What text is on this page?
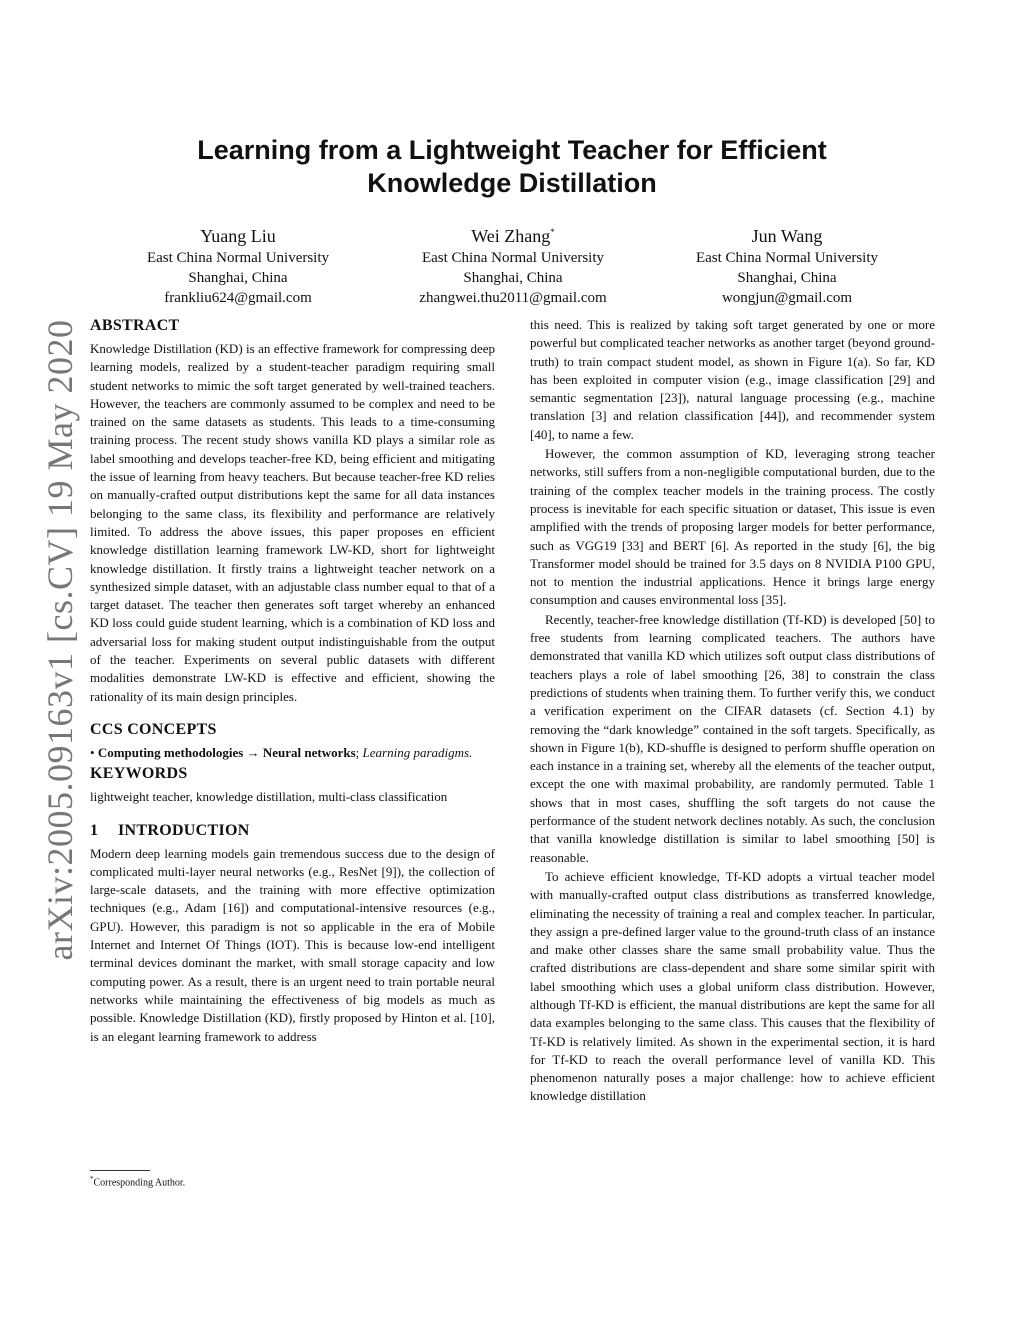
arXiv:2005.09163v1 [cs.CV] 19 May 2020
Learning from a Lightweight Teacher for Efficient
Knowledge Distillation
Yuang Liu
East China Normal University
Shanghai, China
frankliu624@gmail.com
Wei Zhang*
East China Normal University
Shanghai, China
zhangwei.thu2011@gmail.com
Jun Wang
East China Normal University
Shanghai, China
wongjun@gmail.com
ABSTRACT

Knowledge Distillation (KD) is an effective framework for compressing deep learning models, realized by a student-teacher paradigm requiring small student networks to mimic the soft target generated by well-trained teachers. However, the teachers are commonly assumed to be complex and need to be trained on the same datasets as students. This leads to a time-consuming training process. The recent study shows vanilla KD plays a similar role as label smoothing and develops teacher-free KD, being efficient and mitigating the issue of learning from heavy teachers. But because teacher-free KD relies on manually-crafted output distributions kept the same for all data instances belonging to the same class, its flexibility and performance are relatively limited. To address the above issues, this paper proposes en efficient knowledge distillation learning framework LW-KD, short for lightweight knowledge distillation. It firstly trains a lightweight teacher network on a synthesized simple dataset, with an adjustable class number equal to that of a target dataset. The teacher then generates soft target whereby an enhanced KD loss could guide student learning, which is a combination of KD loss and adversarial loss for making student output indistinguishable from the output of the teacher. Experiments on several public datasets with different modalities demonstrate LW-KD is effective and efficient, showing the rationality of its main design principles.

CCS CONCEPTS

• Computing methodologies → Neural networks; Learning paradigms.

KEYWORDS

lightweight teacher, knowledge distillation, multi-class classification

1 INTRODUCTION

Modern deep learning models gain tremendous success due to the design of complicated multi-layer neural networks (e.g., ResNet [9]), the collection of large-scale datasets, and the training with more effective optimization techniques (e.g., Adam [16]) and computational-intensive resources (e.g., GPU). However, this paradigm is not so applicable in the era of Mobile Internet and Internet Of Things (IOT). This is because low-end intelligent terminal devices dominant the market, with small storage capacity and low computing power. As a result, there is an urgent need to train portable neural networks while maintaining the effectiveness of big models as much as possible. Knowledge Distillation (KD), firstly proposed by Hinton et al. [10], is an elegant learning framework to address

this need. This is realized by taking soft target generated by one or more powerful but complicated teacher networks as another target (beyond ground-truth) to train compact student model, as shown in Figure 1(a). So far, KD has been exploited in computer vision (e.g., image classification [29] and semantic segmentation [23]), natural language processing (e.g., machine translation [3] and relation classification [44]), and recommender system [40], to name a few.

However, the common assumption of KD, leveraging strong teacher networks, still suffers from a non-negligible computational burden, due to the training of the complex teacher models in the training process. The costly process is inevitable for each specific situation or dataset, This issue is even amplified with the trends of proposing larger models for better performance, such as VGG19 [33] and BERT [6]. As reported in the study [6], the big Transformer model should be trained for 3.5 days on 8 NVIDIA P100 GPU, not to mention the industrial applications. Hence it brings large energy consumption and causes environmental loss [35].

Recently, teacher-free knowledge distillation (Tf-KD) is developed [50] to free students from learning complicated teachers. The authors have demonstrated that vanilla KD which utilizes soft output class distributions of teachers plays a role of label smoothing [26, 38] to constrain the class predictions of students when training them. To further verify this, we conduct a verification experiment on the CIFAR datasets (cf. Section 4.1) by removing the “dark knowledge” contained in the soft targets. Specifically, as shown in Figure 1(b), KD-shuffle is designed to perform shuffle operation on each instance in a training set, whereby all the elements of the teacher output, except the one with maximal probability, are randomly permuted. Table 1 shows that in most cases, shuffling the soft targets do not cause the performance of the student network declines notably. As such, the conclusion that vanilla knowledge distillation is similar to label smoothing [50] is reasonable.

To achieve efficient knowledge, Tf-KD adopts a virtual teacher model with manually-crafted output class distributions as transferred knowledge, eliminating the necessity of training a real and complex teacher. In particular, they assign a pre-defined larger value to the ground-truth class of an instance and make other classes share the same small probability value. Thus the crafted distributions are class-dependent and share some similar spirit with label smoothing which uses a global uniform class distribution. However, although Tf-KD is efficient, the manual distributions are kept the same for all data examples belonging to the same class. This causes that the flexibility of Tf-KD is relatively limited. As shown in the experimental section, it is hard for Tf-KD to reach the overall performance level of vanilla KD. This phenomenon naturally poses a major challenge: how to achieve efficient knowledge distillation

*Corresponding Author.
